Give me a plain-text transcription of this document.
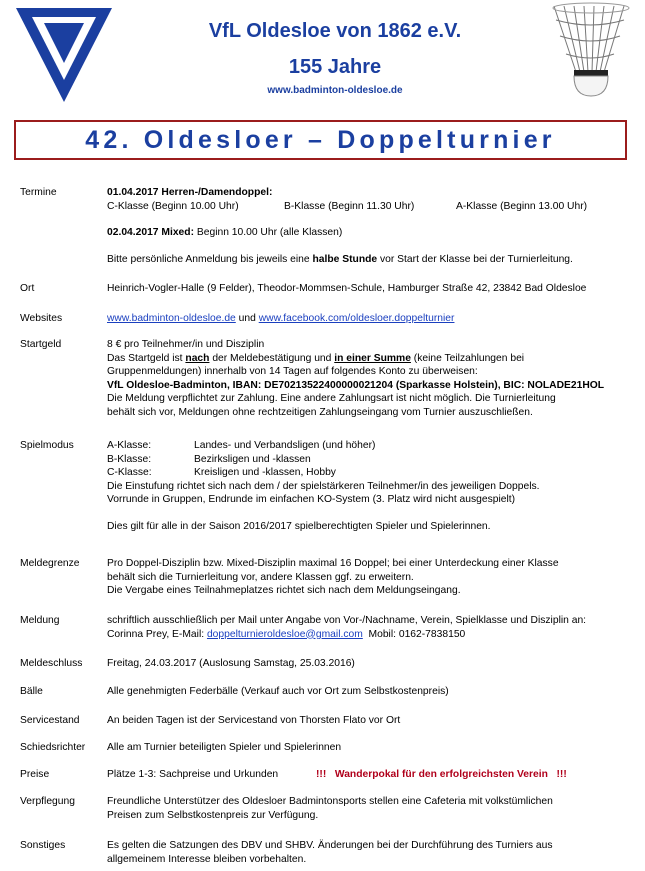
VfL Oldesloe von 1862 e.V.
155 Jahre
www.badminton-oldesloe.de
42. Oldesloer – Doppelturnier
Termine	01.04.2017 Herren-/Damendoppel:
C-Klasse (Beginn 10.00 Uhr)	B-Klasse (Beginn 11.30 Uhr)	A-Klasse (Beginn 13.00 Uhr)
02.04.2017 Mixed: Beginn 10.00 Uhr (alle Klassen)
Bitte persönliche Anmeldung bis jeweils eine halbe Stunde vor Start der Klasse bei der Turnierleitung.
Ort	Heinrich-Vogler-Halle (9 Felder), Theodor-Mommsen-Schule, Hamburger Straße 42, 23842 Bad Oldesloe
Websites	www.badminton-oldesloe.de und www.facebook.com/oldesloer.doppelturnier
Startgeld	8 € pro Teilnehmer/in und Disziplin
Das Startgeld ist nach der Meldebestätigung und in einer Summe (keine Teilzahlungen bei
Gruppenmeldungen) innerhalb von 14 Tagen auf folgendes Konto zu überweisen:
VfL Oldesloe-Badminton, IBAN: DE70213522400000021204 (Sparkasse Holstein), BIC: NOLADE21HOL
Die Meldung verpflichtet zur Zahlung. Eine andere Zahlungsart ist nicht möglich. Die Turnierleitung
behält sich vor, Meldungen ohne rechtzeitigen Zahlungseingang vom Turnier auszuschließen.
Spielmodus	A-Klasse:	Landes- und Verbandsligen (und höher)
B-Klasse:	Bezirksligen und -klassen
C-Klasse:	Kreisligen und -klassen, Hobby
Die Einstufung richtet sich nach dem / der spielstärkeren Teilnehmer/in des jeweiligen Doppels.
Vorrunde in Gruppen, Endrunde im einfachen KO-System (3. Platz wird nicht ausgespielt)
Dies gilt für alle in der Saison 2016/2017 spielberechtigten Spieler und Spielerinnen.
Meldegrenze	Pro Doppel-Disziplin bzw. Mixed-Disziplin maximal 16 Doppel; bei einer Unterdeckung einer Klasse
behält sich die Turnierleitung vor, andere Klassen ggf. zu erweitern.
Die Vergabe eines Teilnahmeplatzes richtet sich nach dem Meldungseingang.
Meldung	schriftlich ausschließlich per Mail unter Angabe von Vor-/Nachname, Verein, Spielklasse und Disziplin an:
Corinna Prey, E-Mail: doppelturnieroldesloe@gmail.com  Mobil: 0162-7838150
Meldeschluss	Freitag, 24.03.2017 (Auslosung Samstag, 25.03.2016)
Bälle	Alle genehmigten Federbälle (Verkauf auch vor Ort zum Selbstkostenpreis)
Servicestand	An beiden Tagen ist der Servicestand von Thorsten Flato vor Ort
Schiedsrichter	Alle am Turnier beteiligten Spieler und Spielerinnen
Preise	Plätze 1-3: Sachpreise und Urkunden	!!!   Wanderpokal für den erfolgreichsten Verein   !!!
Verpflegung	Freundliche Unterstützer des Oldesloer Badmintonsports stellen eine Cafeteria mit volkstümlichen
Preisen zum Selbstkostenpreis zur Verfügung.
Sonstiges	Es gelten die Satzungen des DBV und SHBV. Änderungen bei der Durchführung des Turniers aus
allgemeinem Interesse bleiben vorbehalten.
